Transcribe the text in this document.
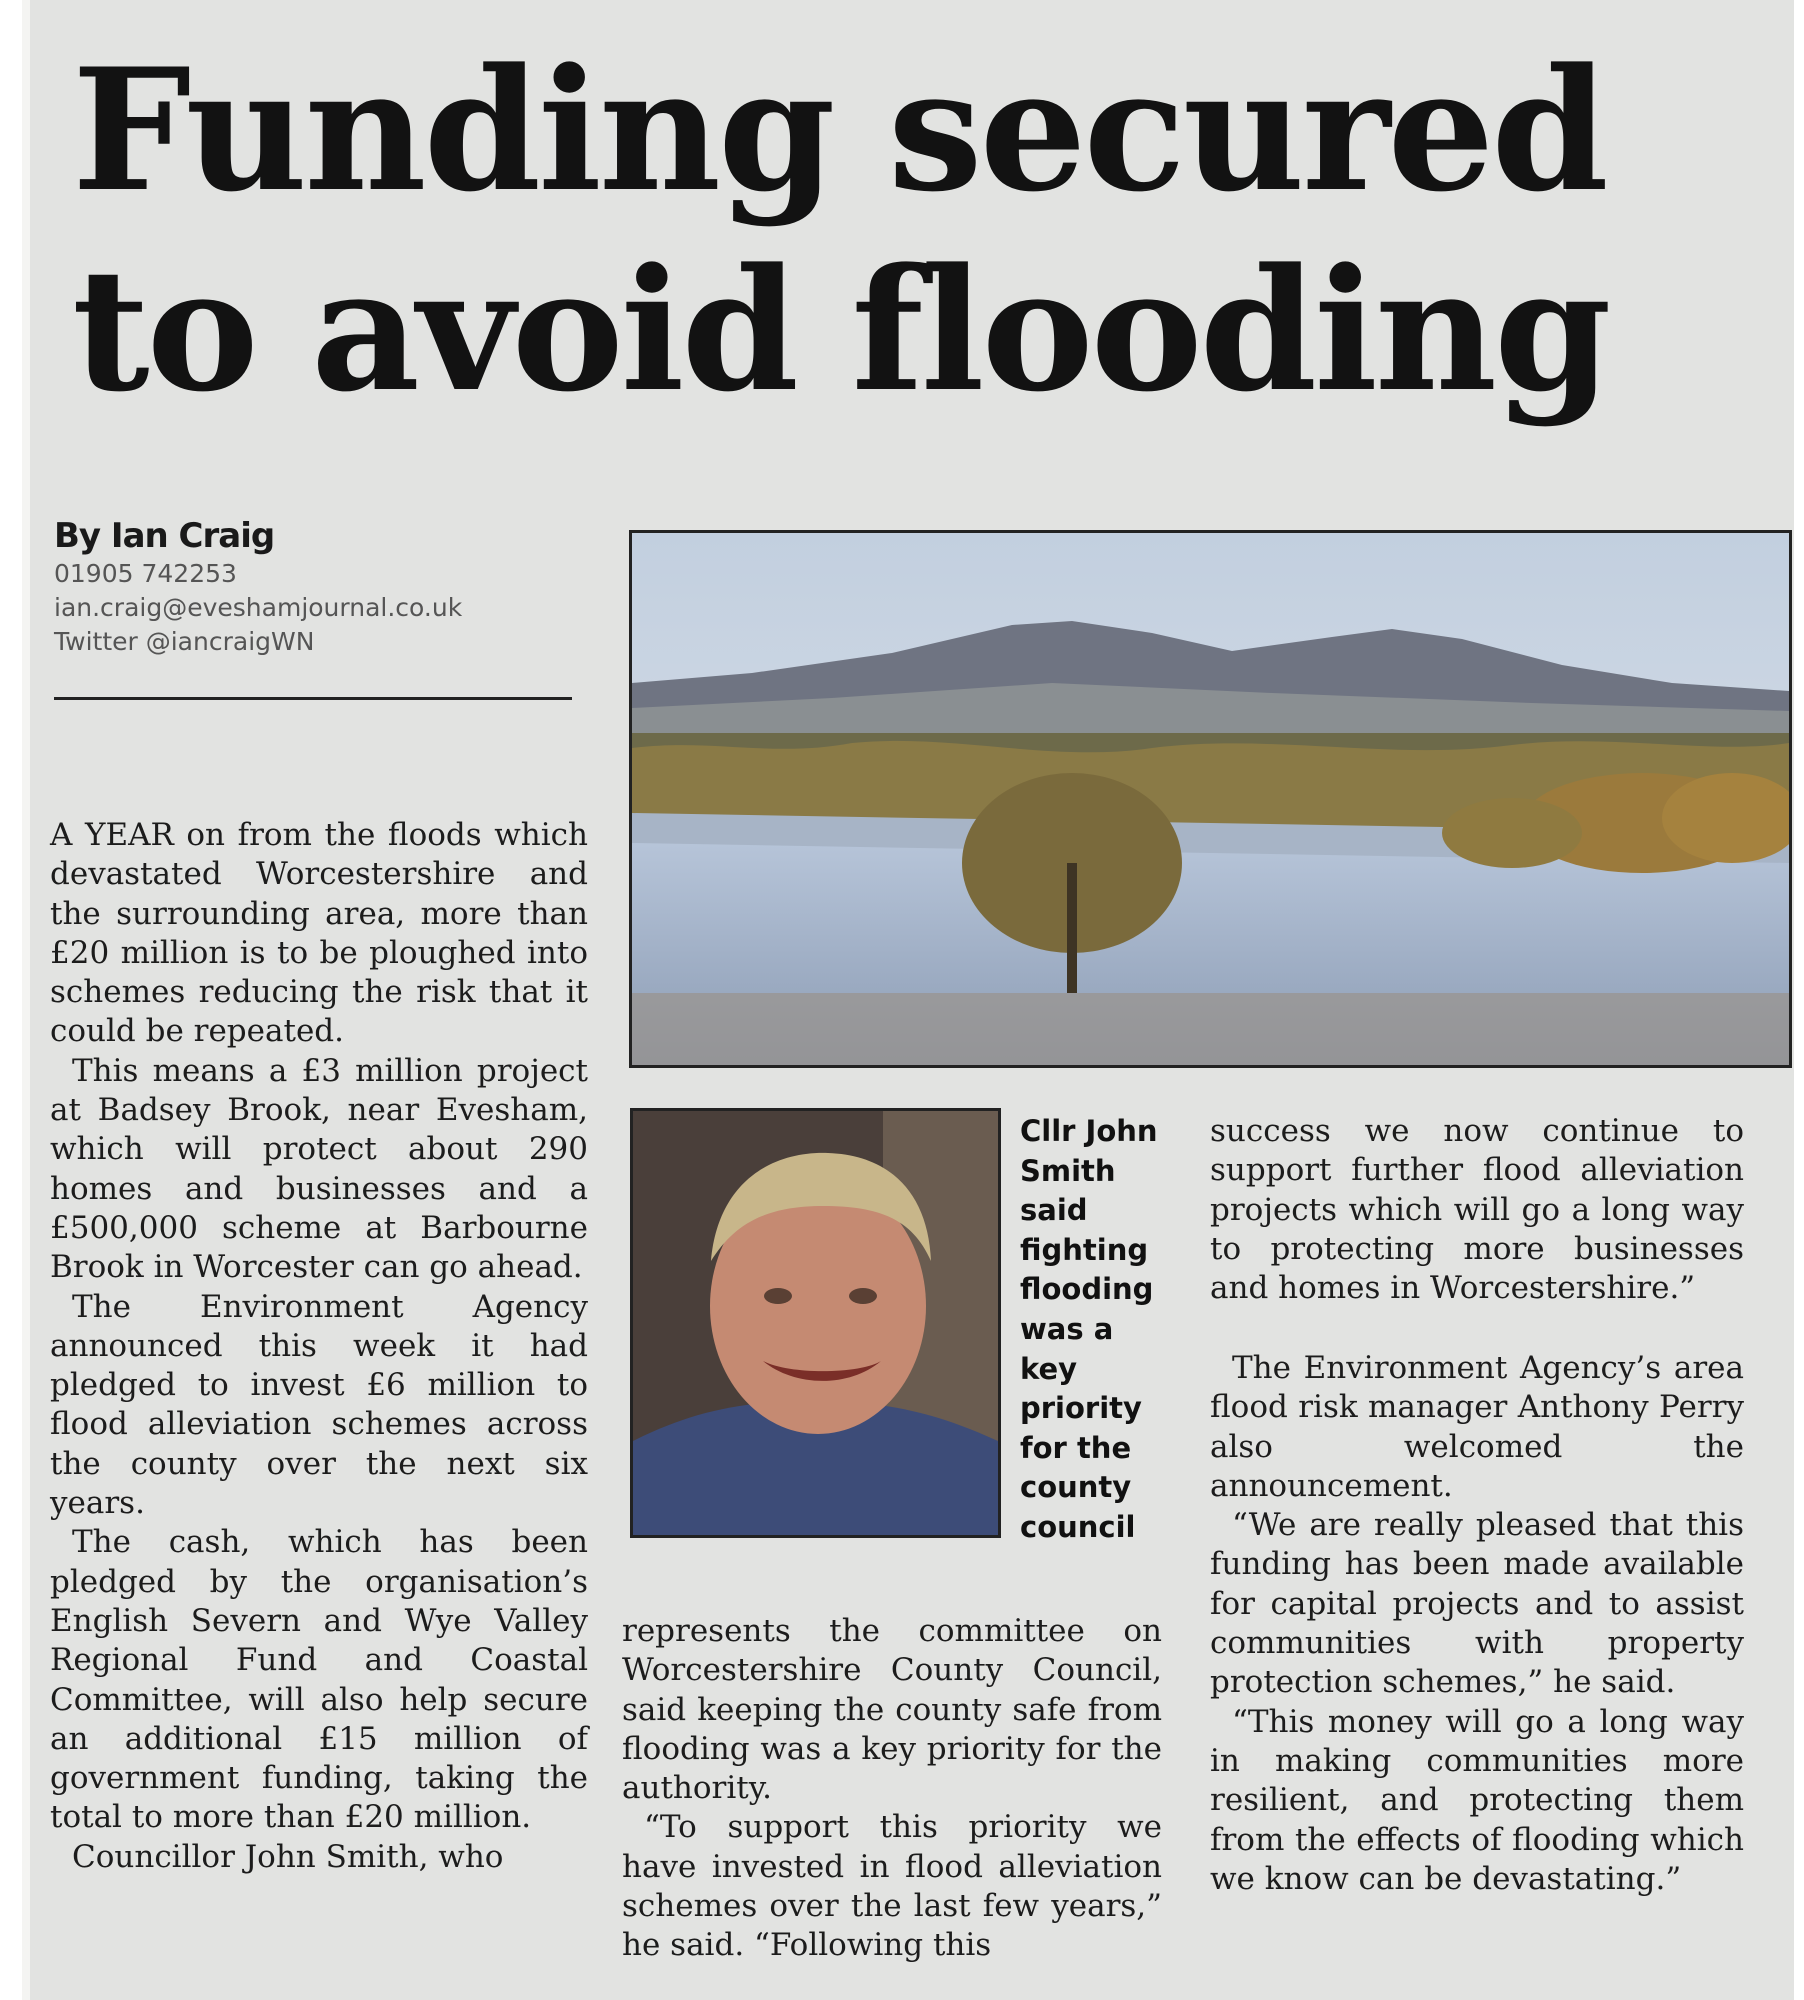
Funding secured
to avoid flooding
By Ian Craig
01905 742253
ian.craig@eveshamjournal.co.uk
Twitter @iancraigWN

A YEAR on from the floods which devastated Worcestershire and the surrounding area, more than £20 million is to be ploughed into schemes reducing the risk that it could be repeated.

This means a £3 million project at Badsey Brook, near Evesham, which will protect about 290 homes and businesses and a £500,000 scheme at Barbourne Brook in Worcester can go ahead.

The Environment Agency announced this week it had pledged to invest £6 million to flood alleviation schemes across the county over the next six years.

The cash, which has been pledged by the organisation’s English Severn and Wye Valley Regional Fund and Coastal Committee, will also help secure an additional £15 million of government funding, taking the total to more than £20 million.

Councillor John Smith, who

Cllr John Smith said fighting flooding was a key priority for the county council

success we now continue to support further flood alleviation projects which will go a long way to protecting more businesses and homes in Worcestershire.”

represents the committee on Worcestershire County Council, said keeping the county safe from flooding was a key priority for the authority.

“To support this priority we have invested in flood alleviation schemes over the last few years,” he said. “Following this

The Environment Agency’s area flood risk manager Anthony Perry also welcomed the announcement.

“We are really pleased that this funding has been made available for capital projects and to assist communities with property protection schemes,” he said.

“This money will go a long way in making communities more resilient, and protecting them from the effects of flooding which we know can be devastating.”
